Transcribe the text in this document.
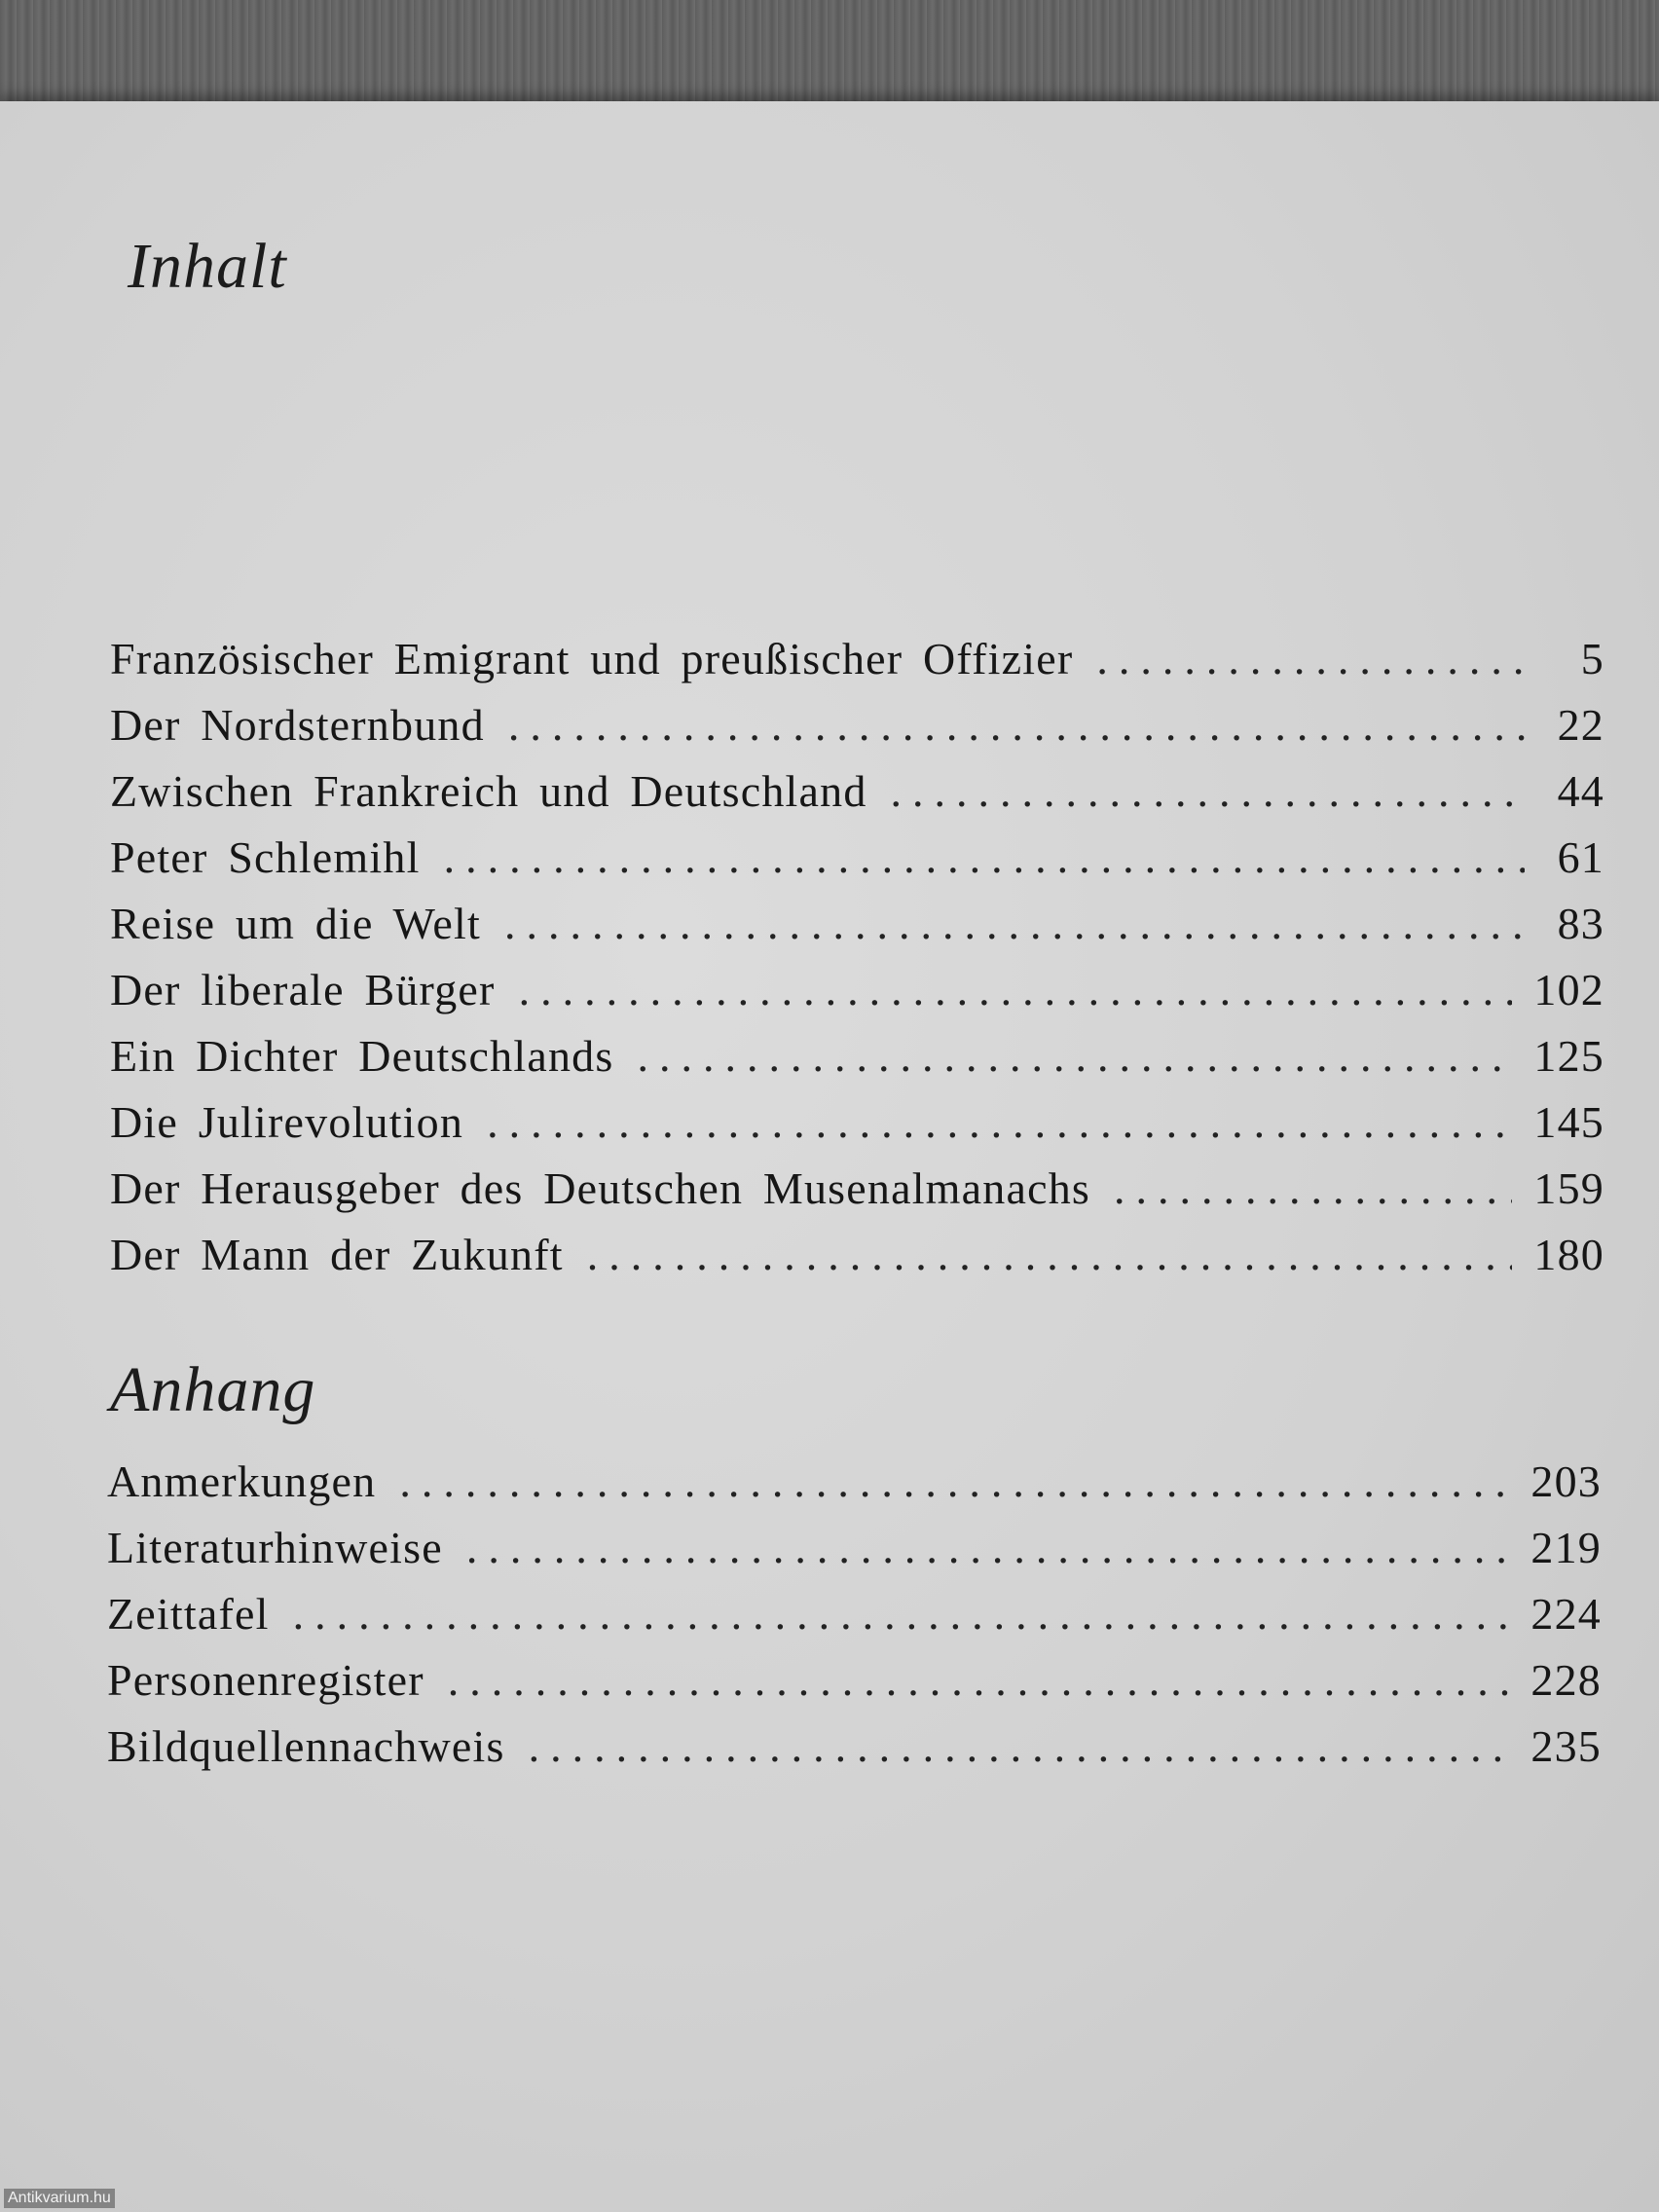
Inhalt
Französischer Emigrant und preußischer Offizier .....	5
Der Nordsternbund .....	22
Zwischen Frankreich und Deutschland .....	44
Peter Schlemihl .....	61
Reise um die Welt .....	83
Der liberale Bürger .....	102
Ein Dichter Deutschlands .....	125
Die Julirevolution .....	145
Der Herausgeber des Deutschen Musenalmanachs .....	159
Der Mann der Zukunft .....	180
Anhang
Anmerkungen .....	203
Literaturhinweise .....	219
Zeittafel .....	224
Personenregister .....	228
Bildquellennachweis .....	235
Antikvarium.hu
